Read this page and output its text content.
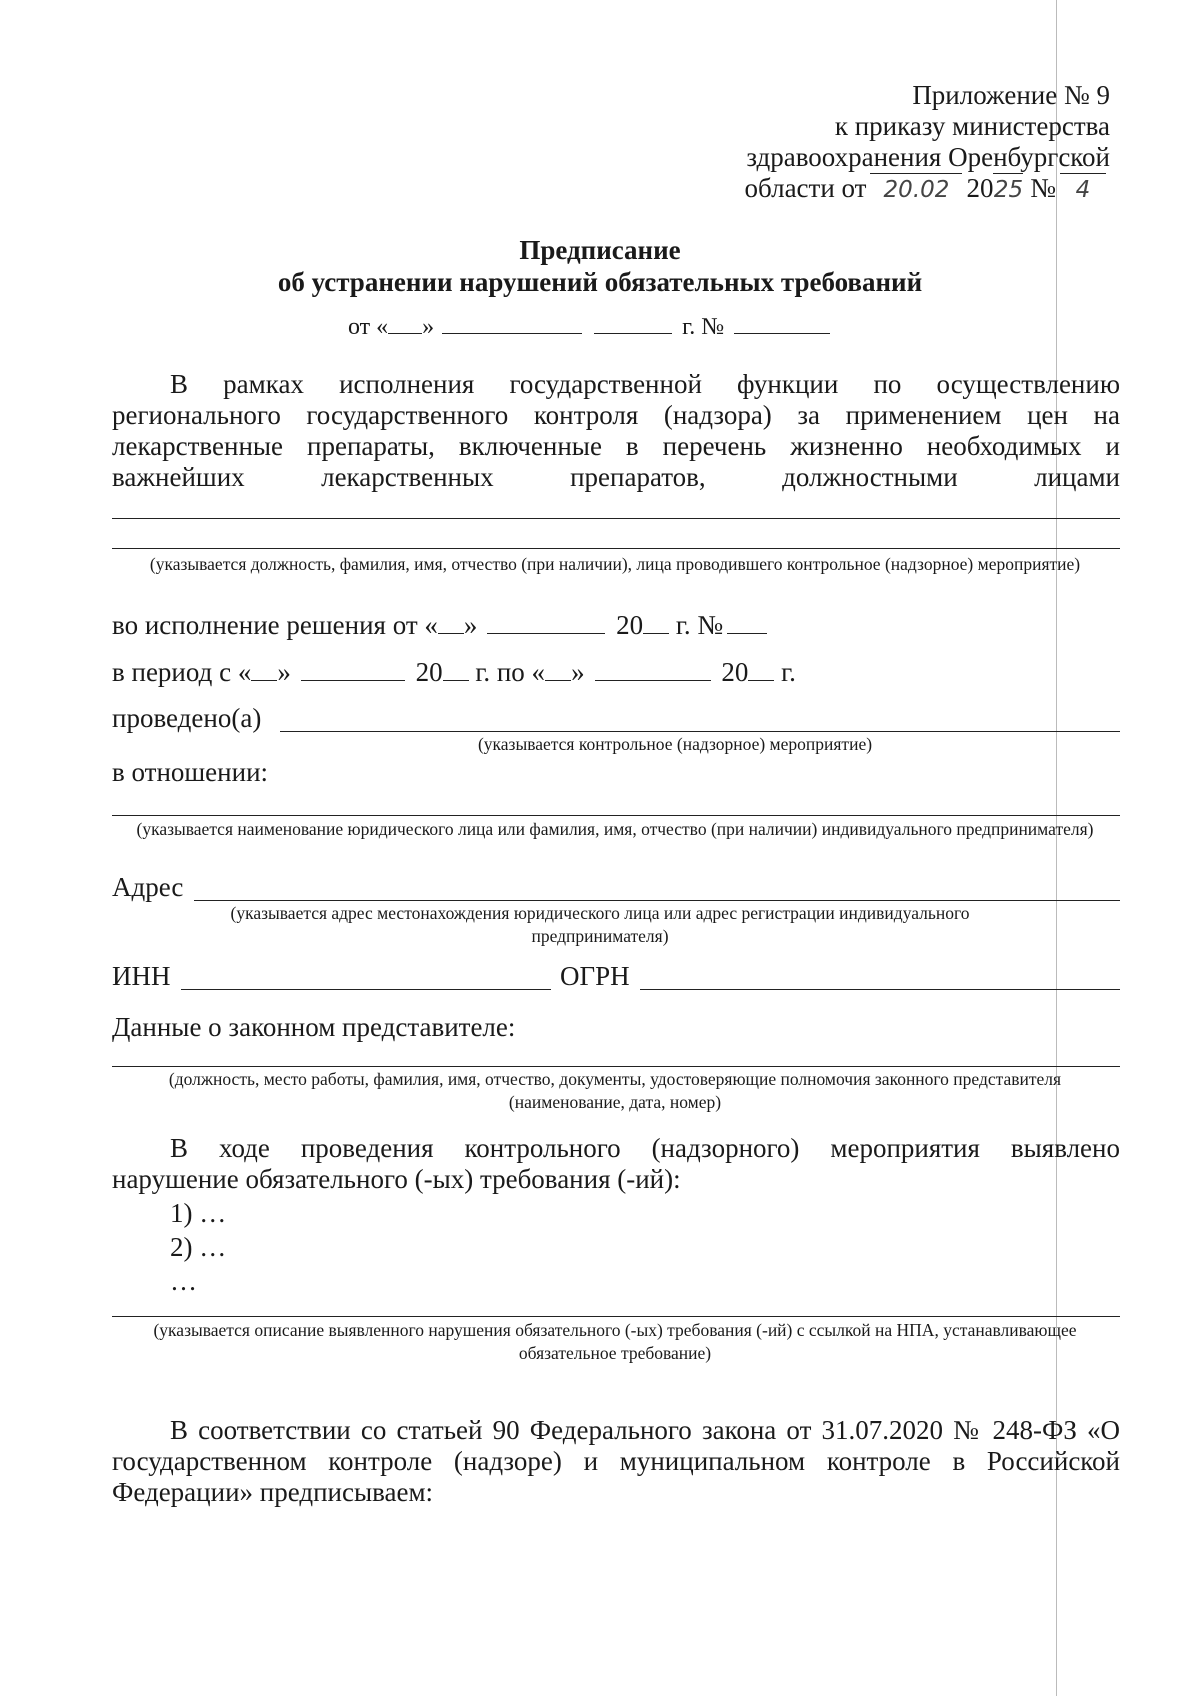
Приложение № 9
к приказу министерства
здравоохранения Оренбургской
области от 20.02 2025 № 4
Предписание
об устранении нарушений обязательных требований
от « »	г. №
В рамках исполнения государственной функции по осуществлению
регионального государственного контроля (надзора) за применением цен на
лекарственные препараты, включенные в перечень жизненно необходимых и
важнейших лекарственных препаратов, должностными лицами
(указывается должность, фамилия, имя, отчество (при наличии), лица проводившего контрольное (надзорное) мероприятие)
во исполнение решения от « »	20 г. №
в период с « »	20 г. по « »	20 г.
проведено(а)
(указывается контрольное (надзорное) мероприятие)
в отношении:
(указывается наименование юридического лица или фамилия, имя, отчество (при наличии) индивидуального предпринимателя)
Адрес
(указывается адрес местонахождения юридического лица или адрес регистрации индивидуального предпринимателя)
ИНН	ОГРН
Данные о законном представителе:
(должность, место работы, фамилия, имя, отчество, документы, удостоверяющие полномочия законного представителя (наименование, дата, номер)
В ходе проведения контрольного (надзорного) мероприятия выявлено
нарушение обязательного (-ых) требования (-ий):
1) …
2) …
…
(указывается описание выявленного нарушения обязательного (-ых) требования (-ий) с ссылкой на НПА, устанавливающее обязательное требование)
В соответствии со статьей 90 Федерального закона от 31.07.2020 № 248-ФЗ «О
государственном контроле (надзоре) и муниципальном контроле в Российской
Федерации» предписываем:
